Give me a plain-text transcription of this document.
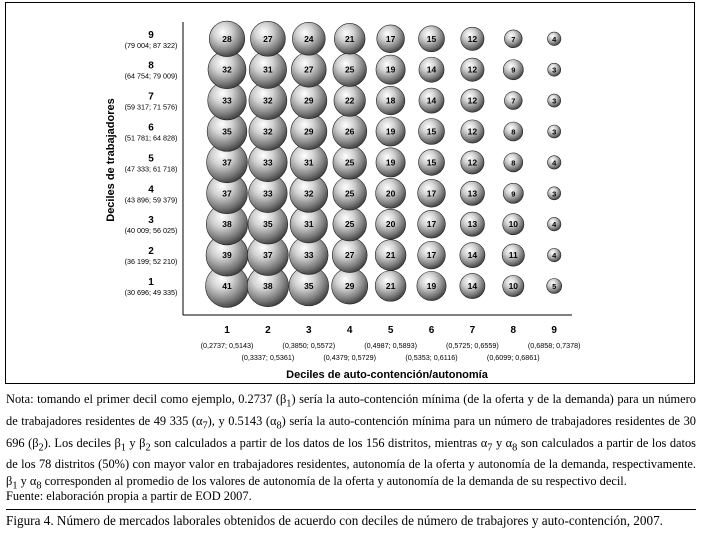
1
(30 696; 49 335)
2
(36 199; 52 210)
3
(40 009; 56 025)
4
(43 896; 59 379)
5
(47 333; 61 718)
6
(51 781; 64 828)
7
(59 317; 71 576)
8
(64 754; 79 009)
9
(79 004; 87 322)
1
(0,2737; 0,5143)
2
(0,3337; 0,5361)
3
(0,3850; 0,5572)
4
(0,4379; 0,5729)
5
(0,4987; 0,5893)
6
(0,5353; 0,6116)
7
(0,5725; 0,6559)
8
(0,6099; 0,6861)
9
(0,6858; 0,7378)
41	38	35	29	21	19	14	10	5
39	37	33	27	21	17	14	11	4
38	35	31	25	20	17	13	10	4
37	33	32	25	20	17	13	9	3
37	33	31	25	19	15	12	8	4
35	32	29	26	19	15	12	8	3
33	32	29	22	18	14	12	7	3
32	31	27	25	19	14	12	9	3
28	27	24	21	17	15	12	7	4
Deciles de auto-contención/autonomía
Deciles de trabajadores
Nota: tomando el primer decil como ejemplo, 0.2737 $(\beta_1)$ sería la auto-contención mínima (de la oferta y de la demanda) para un número de trabajadores residentes de 49 335 $(\alpha_7)$, y 0.5143 $(\alpha_8)$ sería la auto-contención mínima para un número de trabajadores residentes de 30 696 $(\beta_2)$. Los deciles $\beta_1$ y $\beta_2$ son calculados a partir de los datos de los 156 distritos, mientras $\alpha_7$ y $\alpha_8$ son calculados a partir de los datos de los 78 distritos (50%) con mayor valor en trabajadores residentes, autonomía de la oferta y autonomía de la demanda, respectivamente. $\beta_1$ y $\alpha_8$ corresponden al promedio de los valores de autonomía de la oferta y autonomía de la demanda de su respectivo decil.
Fuente: elaboración propia a partir de EOD 2007.
Figura 4. Número de mercados laborales obtenidos de acuerdo con deciles de número de trabajores y auto-contención, 2007.
